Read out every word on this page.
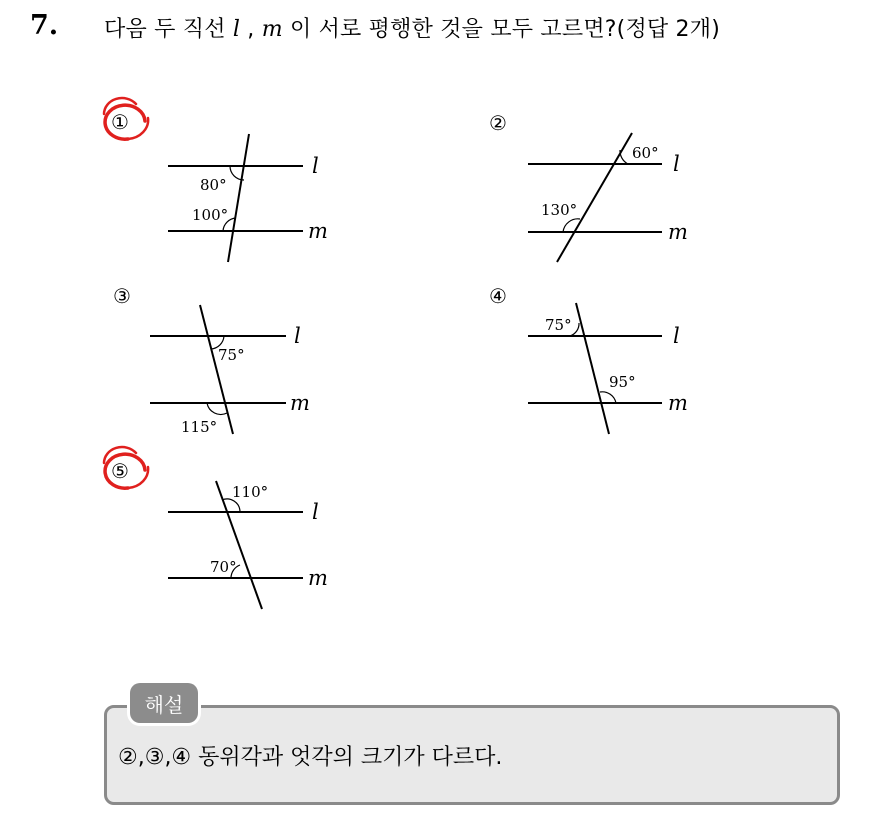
7. 다음 두 직선 l , m 이 서로 평행한 것을 모두 고르면?(정답 2개)
①
80°
100°
l
m
②
60°
130°
l
m
③
75°
115°
l
m
④
75°
95°
l
m
⑤
110°
70°
l
m
해설
②,③,④ 동위각과 엇각의 크기가 다르다.
